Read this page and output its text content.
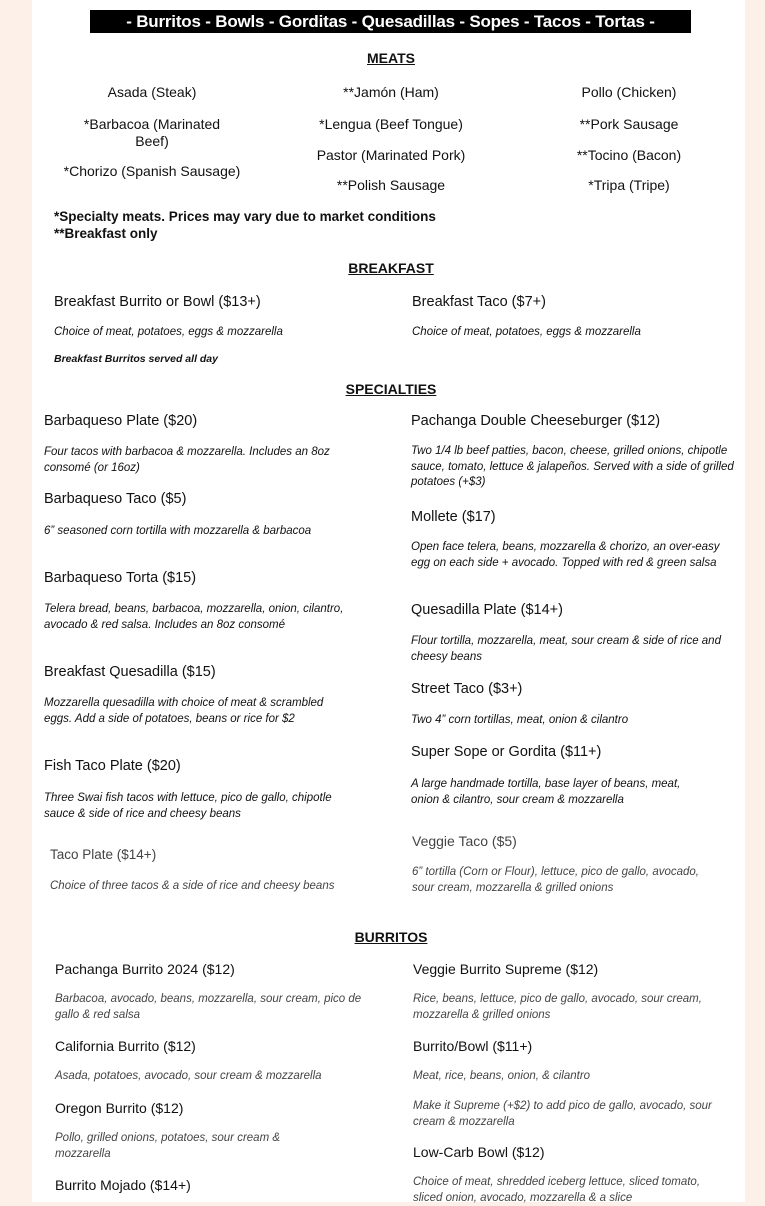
- Burritos - Bowls - Gorditas - Quesadillas - Sopes - Tacos - Tortas -
MEATS
Asada (Steak)
*Barbacoa (Marinated Beef)
*Chorizo (Spanish Sausage)
**Jamón (Ham)
*Lengua (Beef Tongue)
Pastor (Marinated Pork)
**Polish Sausage
Pollo (Chicken)
**Pork Sausage
**Tocino (Bacon)
*Tripa (Tripe)
*Specialty meats. Prices may vary due to market conditions
**Breakfast only
BREAKFAST
Breakfast Burrito or Bowl ($13+)
Choice of meat, potatoes, eggs & mozzarella
Breakfast Taco ($7+)
Choice of meat, potatoes, eggs & mozzarella
Breakfast Burritos served all day
SPECIALTIES
Barbaqueso Plate ($20)
Four tacos with barbacoa & mozzarella. Includes an 8oz consomé (or 16oz)
Barbaqueso Taco ($5)
6” seasoned corn tortilla with mozzarella & barbacoa
Barbaqueso Torta ($15)
Telera bread, beans, barbacoa, mozzarella, onion, cilantro, avocado & red salsa. Includes an 8oz consomé
Breakfast Quesadilla ($15)
Mozzarella quesadilla with choice of meat & scrambled eggs. Add a side of potatoes, beans or rice for $2
Fish Taco Plate ($20)
Three Swai fish tacos with lettuce, pico de gallo, chipotle sauce & side of rice and cheesy beans
Taco Plate ($14+)
Choice of three tacos & a side of rice and cheesy beans
Pachanga Double Cheeseburger ($12)
Two 1/4 lb beef patties, bacon, cheese, grilled onions, chipotle sauce, tomato, lettuce & jalapeños. Served with a side of grilled potatoes (+$3)
Mollete ($17)
Open face telera, beans, mozzarella & chorizo, an over-easy egg on each side + avocado. Topped with red & green salsa
Quesadilla Plate ($14+)
Flour tortilla, mozzarella, meat, sour cream & side of rice and cheesy beans
Street Taco ($3+)
Two 4” corn tortillas, meat, onion & cilantro
Super Sope or Gordita ($11+)
A large handmade tortilla, base layer of beans, meat, onion & cilantro, sour cream & mozzarella
Veggie Taco ($5)
6” tortilla (Corn or Flour), lettuce, pico de gallo, avocado, sour cream, mozzarella & grilled onions
BURRITOS
Pachanga Burrito 2024 ($12)
Barbacoa, avocado, beans, mozzarella, sour cream, pico de gallo & red salsa
California Burrito ($12)
Asada, potatoes, avocado, sour cream & mozzarella
Oregon Burrito ($12)
Pollo, grilled onions, potatoes, sour cream & mozzarella
Burrito Mojado ($14+)
Veggie Burrito Supreme ($12)
Rice, beans, lettuce, pico de gallo, avocado, sour cream, mozzarella & grilled onions
Burrito/Bowl ($11+)
Meat, rice, beans, onion, & cilantro
Make it Supreme (+$2) to add pico de gallo, avocado, sour cream & mozzarella
Low-Carb Bowl ($12)
Choice of meat, shredded iceberg lettuce, sliced tomato, sliced onion, avocado, mozzarella & a slice
